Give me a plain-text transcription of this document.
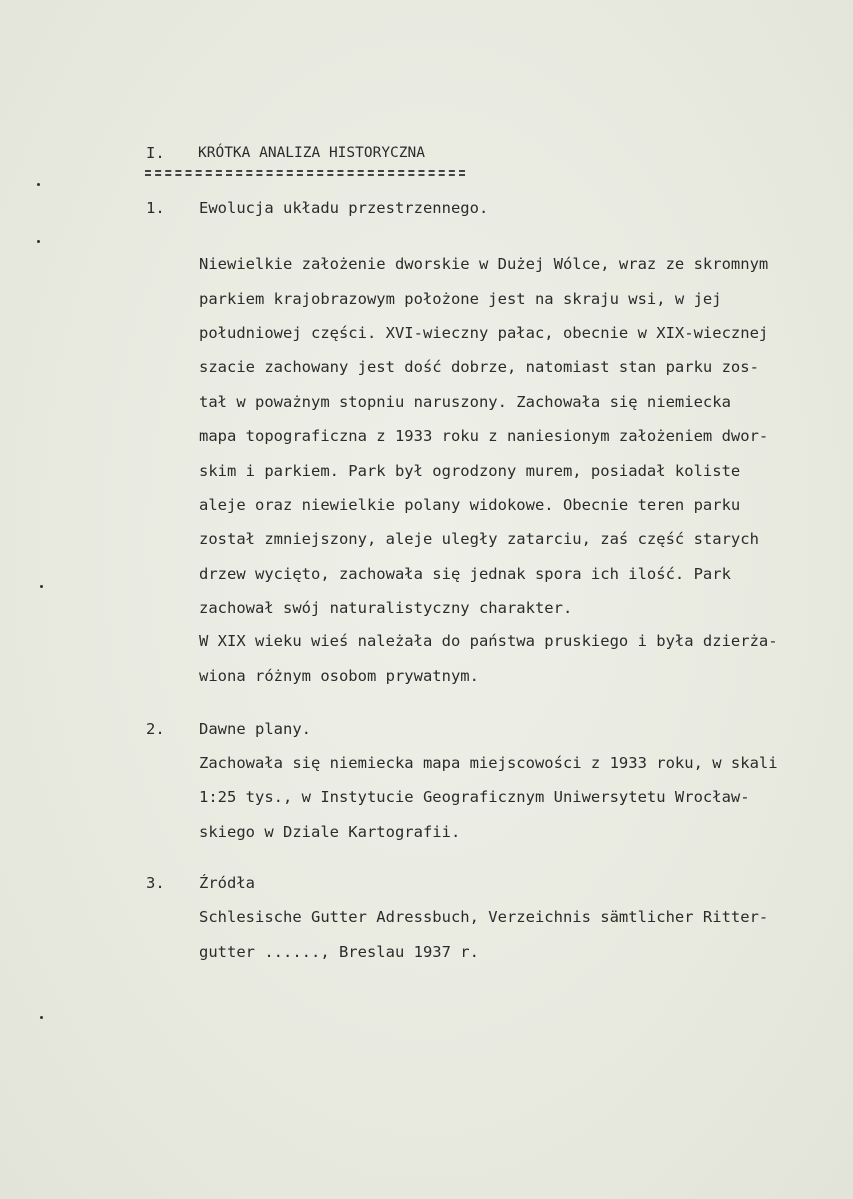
I. KRÓTKA ANALIZA HISTORYCZNA
1. Ewolucja układu przestrzennego.
Niewielkie założenie dworskie w Dużej Wólce, wraz ze skromnym
parkiem krajobrazowym położone jest na skraju wsi, w jej
południowej części. XVI-wieczny pałac, obecnie w XIX-wiecznej
szacie zachowany jest dość dobrze, natomiast stan parku zos-
tał w poważnym stopniu naruszony. Zachowała się niemiecka
mapa topograficzna z 1933 roku z naniesionym założeniem dwor-
skim i parkiem. Park był ogrodzony murem, posiadał koliste
aleje oraz niewielkie polany widokowe. Obecnie teren parku
został zmniejszony, aleje uległy zatarciu, zaś część starych
drzew wycięto, zachowała się jednak spora ich ilość. Park
zachował swój naturalistyczny charakter.
W XIX wieku wieś należała do państwa pruskiego i była dzierża-
wiona różnym osobom prywatnym.
2. Dawne plany.
Zachowała się niemiecka mapa miejscowości z 1933 roku, w skali
1:25 tys., w Instytucie Geograficznym Uniwersytetu Wrocław-
skiego w Dziale Kartografii.
3. Źródła
Schlesische Gutter Adressbuch, Verzeichnis sämtlicher Ritter-
gutter ......, Breslau 1937 r.
